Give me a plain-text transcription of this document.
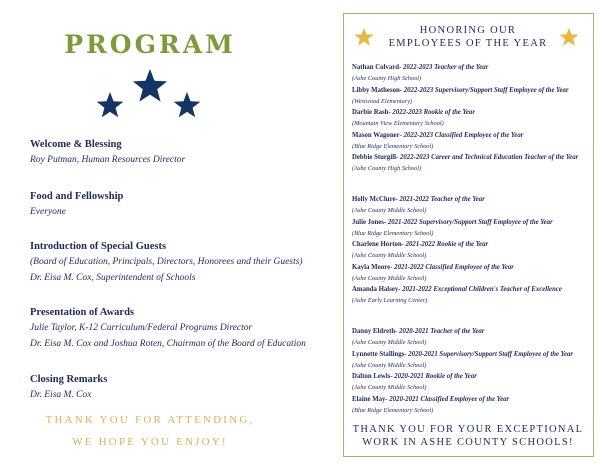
PROGRAM
Welcome & Blessing
Roy Putman, Human Resources Director
Food and Fellowship
Everyone
Introduction of Special Guests
(Board of Education, Principals, Directors, Honorees and their Guests)
Dr. Eisa M. Cox, Superintendent of Schools
Presentation of Awards
Julie Taylor, K-12 Curriculum/Federal Programs Director
Dr. Eisa M. Cox and Joshua Roten, Chairman of the Board of Education
Closing Remarks
Dr. Eisa M. Cox
THANK YOU FOR ATTENDING,
WE HOPE YOU ENJOY!
HONORING OUR
EMPLOYEES OF THE YEAR
Nathan Colvard- 2022-2023 Teacher of the Year
(Ashe County High School)
Libby Matheson- 2022-2023 Supervisory/Support Staff Employee of the Year
(Westwood Elementary)
Darbie Rash- 2022-2023 Rookie of the Year
(Mountain View Elementary School)
Mason Wagoner- 2022-2023 Classified Employee of the Year
(Blue Ridge Elementary School)
Debbie Sturgill- 2022-2023 Career and Technical Education Teacher of the Year
(Ashe County High School)
Holly McClure- 2021-2022 Teacher of the Year
(Ashe County Middle School)
Julie Jones- 2021-2022 Supervisory/Support Staff Employee of the Year
(Blue Ridge Elementary School)
Charlene Horton- 2021-2022 Rookie of the Year
(Ashe County Middle School)
Kayla Moore- 2021-2022 Classified Employee of the Year
(Ashe County Middle School)
Amanda Halsey- 2021-2022 Exceptional Children's Teacher of Excellence
(Ashe Early Learning Center)
Danny Eldreth- 2020-2021 Teacher of the Year
(Ashe County Middle School)
Lynnette Stallings- 2020-2021 Supervisory/Support Staff Employee of the Year
(Ashe County Middle School)
Dalton Lewis- 2020-2021 Rookie of the Year
(Ashe County Middle School)
Elaine May- 2020-2021 Classified Employee of the Year
(Blue Ridge Elementary School)
THANK YOU FOR YOUR EXCEPTIONAL
WORK IN ASHE COUNTY SCHOOLS!
